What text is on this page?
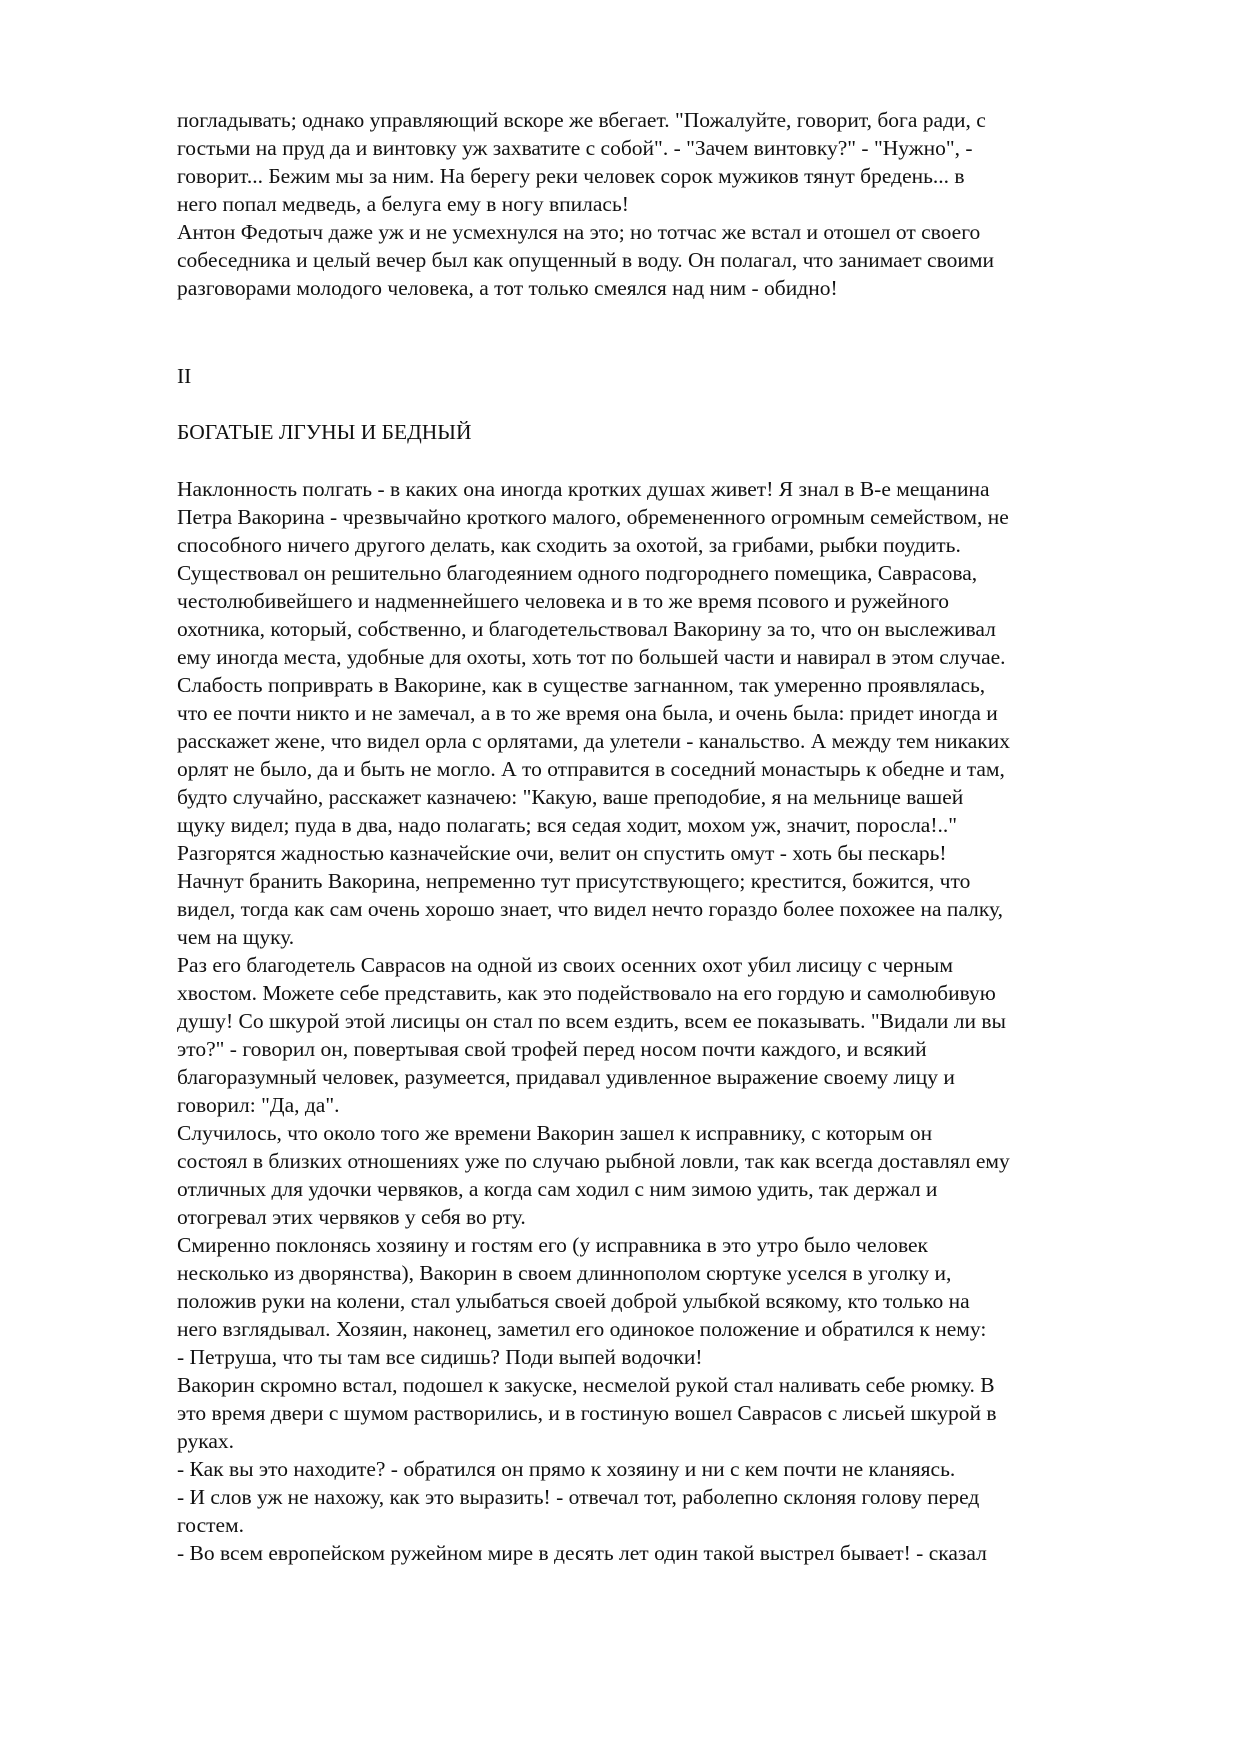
погладывать; однако управляющий вскоре же вбегает. "Пожалуйте, говорит, бога ради, с
гостьми на пруд да и винтовку уж захватите с собой". - "Зачем винтовку?" - "Нужно", -
говорит... Бежим мы за ним. На берегу реки человек сорок мужиков тянут бредень... в
него попал медведь, а белуга ему в ногу впилась!
Антон Федотыч даже уж и не усмехнулся на это; но тотчас же встал и отошел от своего
собеседника и целый вечер был как опущенный в воду. Он полагал, что занимает своими
разговорами молодого человека, а тот только смеялся над ним - обидно!
II
БОГАТЫЕ ЛГУНЫ И БЕДНЫЙ
Наклонность полгать - в каких она иногда кротких душах живет! Я знал в В-е мещанина
Петра Вакорина - чрезвычайно кроткого малого, обремененного огромным семейством, не
способного ничего другого делать, как сходить за охотой, за грибами, рыбки поудить.
Существовал он решительно благодеянием одного подгороднего помещика, Саврасова,
честолюбивейшего и надменнейшего человека и в то же время псового и ружейного
охотника, который, собственно, и благодетельствовал Вакорину за то, что он выслеживал
ему иногда места, удобные для охоты, хоть тот по большей части и навирал в этом случае.
Слабость поприврать в Вакорине, как в существе загнанном, так умеренно проявлялась,
что ее почти никто и не замечал, а в то же время она была, и очень была: придет иногда и
расскажет жене, что видел орла с орлятами, да улетели - канальство. А между тем никаких
орлят не было, да и быть не могло. А то отправится в соседний монастырь к обедне и там,
будто случайно, расскажет казначею: "Какую, ваше преподобие, я на мельнице вашей
щуку видел; пуда в два, надо полагать; вся седая ходит, мохом уж, значит, поросла!.."
Разгорятся жадностью казначейские очи, велит он спустить омут - хоть бы пескарь!
Начнут бранить Вакорина, непременно тут присутствующего; крестится, божится, что
видел, тогда как сам очень хорошо знает, что видел нечто гораздо более похожее на палку,
чем на щуку.
Раз его благодетель Саврасов на одной из своих осенних охот убил лисицу с черным
хвостом. Можете себе представить, как это подействовало на его гордую и самолюбивую
душу! Со шкурой этой лисицы он стал по всем ездить, всем ее показывать. "Видали ли вы
это?" - говорил он, повертывая свой трофей перед носом почти каждого, и всякий
благоразумный человек, разумеется, придавал удивленное выражение своему лицу и
говорил: "Да, да".
Случилось, что около того же времени Вакорин зашел к исправнику, с которым он
состоял в близких отношениях уже по случаю рыбной ловли, так как всегда доставлял ему
отличных для удочки червяков, а когда сам ходил с ним зимою удить, так держал и
отогревал этих червяков у себя во рту.
Смиренно поклонясь хозяину и гостям его (у исправника в это утро было человек
несколько из дворянства), Вакорин в своем длиннополом сюртуке уселся в уголку и,
положив руки на колени, стал улыбаться своей доброй улыбкой всякому, кто только на
него взглядывал. Хозяин, наконец, заметил его одинокое положение и обратился к нему:
- Петруша, что ты там все сидишь? Поди выпей водочки!
Вакорин скромно встал, подошел к закуске, несмелой рукой стал наливать себе рюмку. В
это время двери с шумом растворились, и в гостиную вошел Саврасов с лисьей шкурой в
руках.
- Как вы это находите? - обратился он прямо к хозяину и ни с кем почти не кланяясь.
- И слов уж не нахожу, как это выразить! - отвечал тот, раболепно склоняя голову перед
гостем.
- Во всем европейском ружейном мире в десять лет один такой выстрел бывает! - сказал
